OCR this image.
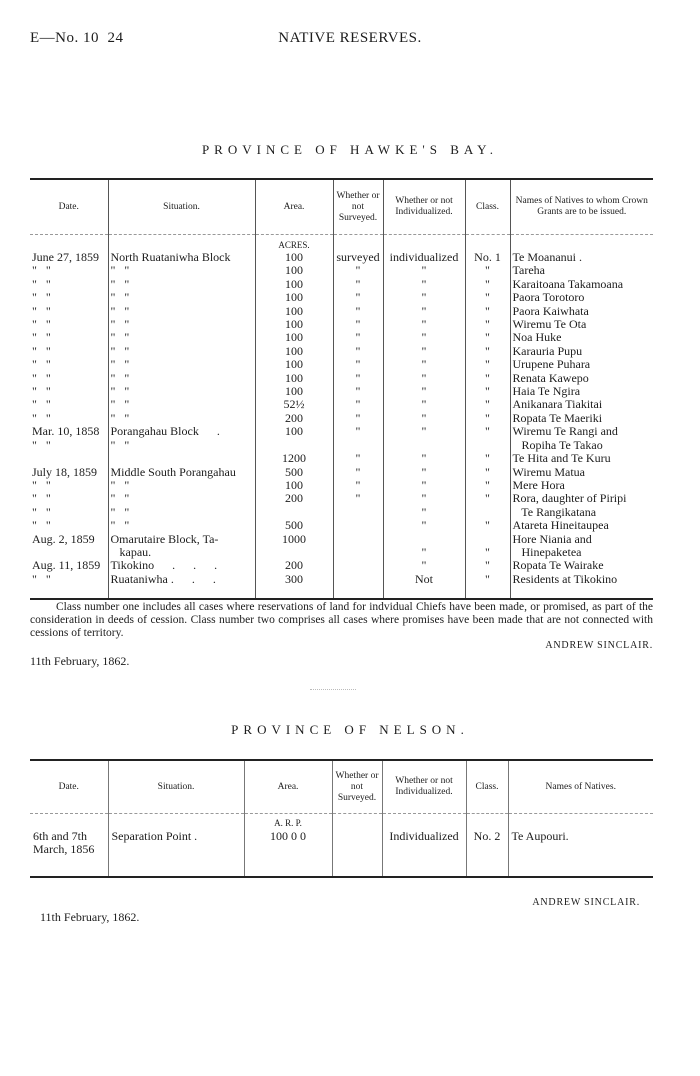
E—No. 10 24	NATIVE RESERVES.
PROVINCE OF HAWKE'S BAY.
Date.	Situation.	Area.	Whether or not Surveyed.	Whether or not Individualized.	Class.	Names of Natives to whom Crown Grants are to be issued.
		ACRES.				
June 27, 1859	North Ruataniwha Block	100	surveyed	individualized	No. 1	Te Moananui .
"   "	"   "	100	"	"	"	Tareha
"   "	"   "	100	"	"	"	Karaitoana Takamoana
"   "	"   "	100	"	"	"	Paora Torotoro
"   "	"   "	100	"	"	"	Paora Kaiwhata
"   "	"   "	100	"	"	"	Wiremu Te Ota
"   "	"   "	100	"	"	"	Noa Huke
"   "	"   "	100	"	"	"	Karauria Pupu
"   "	"   "	100	"	"	"	Urupene Puhara
"   "	"   "	100	"	"	"	Renata Kawepo
"   "	"   "	100	"	"	"	Haia Te Ngira
"   "	"   "	52½	"	"	"	Anikanara Tiakitai
"   "	"   "	200	"	"	"	Ropata Te Maeriki
Mar. 10, 1858	Porangahau Block      .	100	"	"	"	Wiremu Te Rangi and
"   "	"   "					Ropiha Te Takao
		1200	"	"	"	Te Hita and Te Kuru
July 18, 1859	Middle South Porangahau	500	"	"	"	Wiremu Matua
"   "	"   "	100	"	"	"	Mere Hora
"   "	"   "	200	"	"	"	Rora, daughter of Piripi
"   "	"   "			"		Te Rangikatana
"   "	"   "	500		"	"	Atareta Hineitaupea
Aug. 2, 1859	Omarutaire Block, Ta-	1000				Hore Niania and
	kapau.			"	"	Hinepaketea
Aug. 11, 1859	Tikokino      .      .      .	200		"	"	Ropata Te Wairake
"   "	Ruataniwha .      .      .	300		Not	"	Residents at Tikokino

Class number one includes all cases where reservations of land for indvidual Chiefs have been made, or promised, as part of the consideration in deeds of cession. Class number two comprises all cases where promises have been made that are not connected with cessions of territory.
ANDREW SINCLAIR.
11th February, 1862.
PROVINCE OF NELSON.
Date.	Situation.	Area.	Whether or not Surveyed.	Whether or not Individualized.	Class.	Names of Natives.
		A. R. P.				
6th and 7th March, 1856	Separation Point .	100 0 0		Individualized	No. 2	Te Aupouri.
ANDREW SINCLAIR.
11th February, 1862.
